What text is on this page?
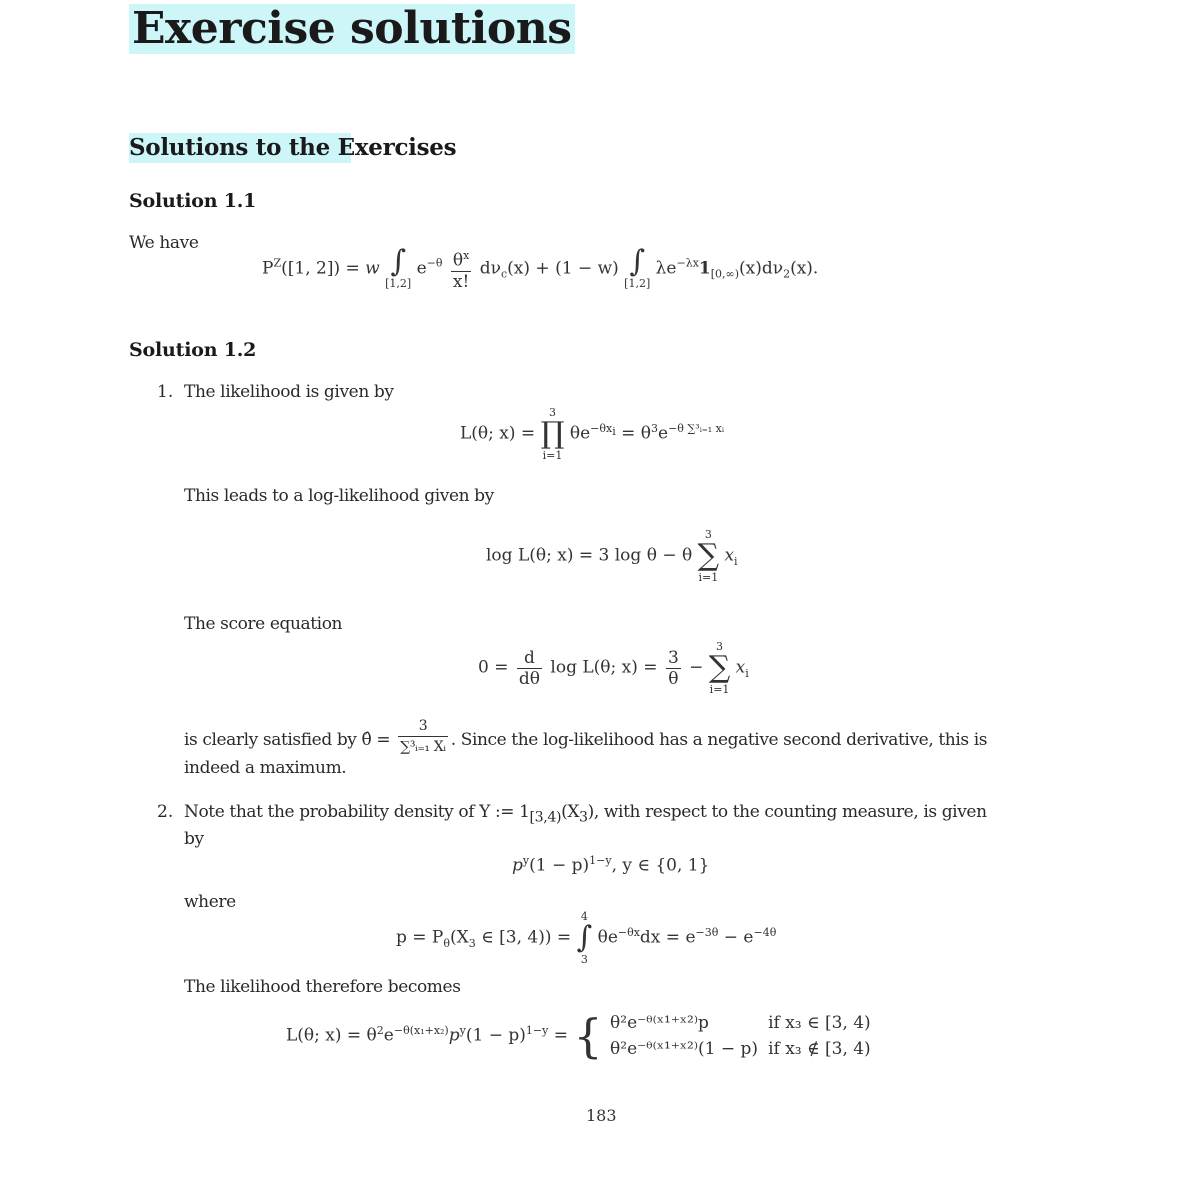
Exercise solutions
Solutions to the Exercises
Solution 1.1
We have
$P^Z([1$, 2]) = w ∫
[1,2]
$e^{-\theta} \frac{\theta^x}{x!} d\nu_c(x) + (1 - w)$ ∫
[1,2]
$\lambda e^{-\lambda x}1_{[0,\infty)}(x)d\nu_2(x)$.
Solution 1.2
1. The likelihood is given by
L(θ; x) =
3
∏
i=1
$\theta e^{-\theta x_i} = \theta^3e^{-\theta \sum^3ᵢ_{=1} xᵢ}$
This leads to a log-likelihood given by
log L(θ; x) = 3 log θ − θ
3
∑
i=1
$x_i$
The score equation
$0 = \frac{d}{d\theta}$ log L(θ; $x) = \frac{3}{\theta}$ −
3
∑
i=1
$x_i$
is clearly satisfied by θ̂ = $\frac{3}{\text{∑³ᵢ₌₁ Xᵢ}}$ . Since the log-likelihood has a negative second derivative, this is
indeed a maximum.
2. Note that the probability density of Y := $1_{[3,4)}(X_3)$, with respect to the counting measure, is given
by
$p^y(1 - p)^{1-y}$, y ∈ {0, 1}
where
$p = P_\theta(X_3$ ∈ [3, 4)) =
4
∫
3
$\theta e^{-\theta x}dx = e^{-3\theta} - e^{-4\theta}$
The likelihood therefore becomes
L(θ; $x) = \theta^2e^{-\theta(x_1+x_2)}p^y(1 - p)^{1-y}$ = { θ²e⁻ᶿ⁽ˣ¹⁺ˣ²⁾p	if x₃ ∈ [3, 4)
θ²e⁻ᶿ⁽ˣ¹⁺ˣ²⁾(1 − p)	if x₃ ∉ [3, 4)
183
